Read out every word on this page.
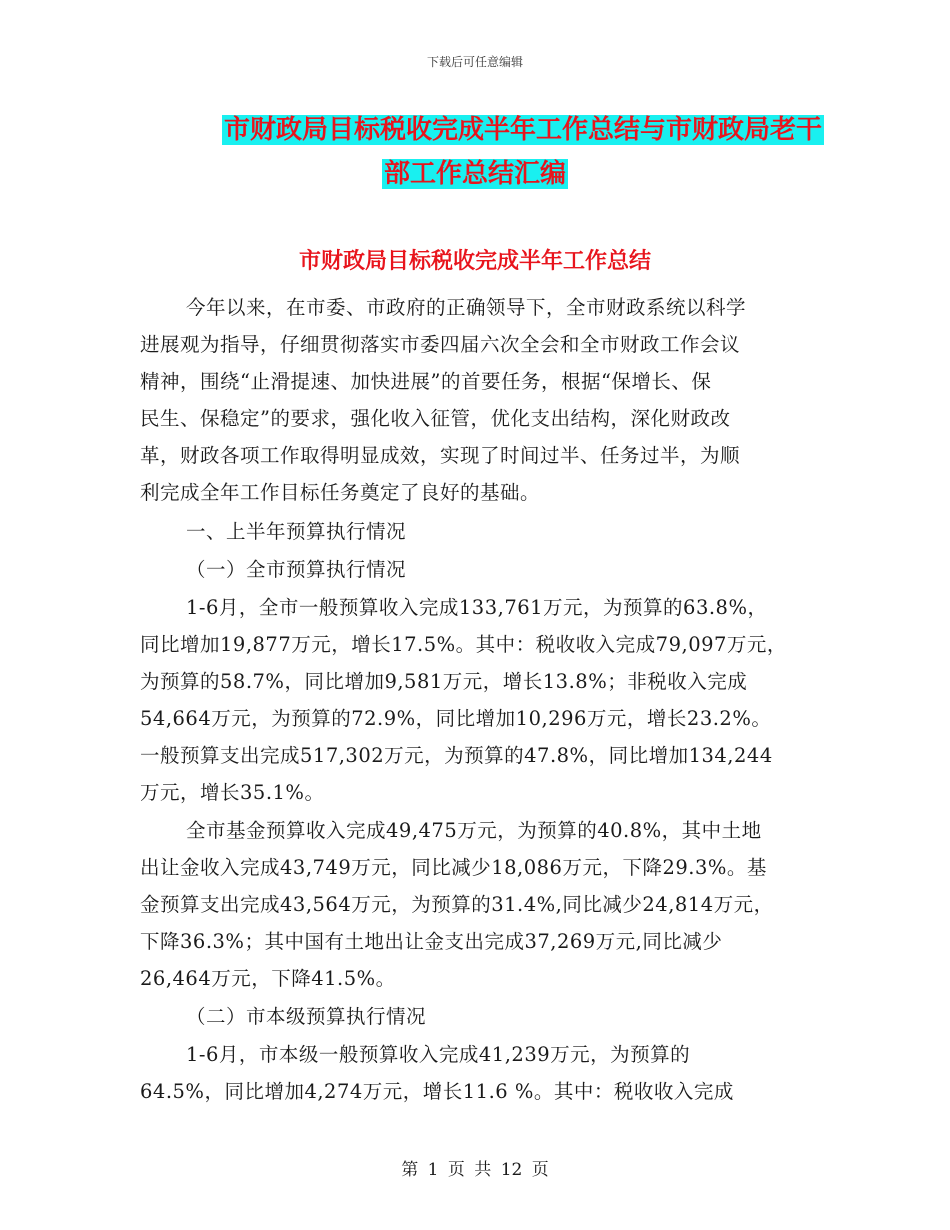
下载后可任意编辑
市财政局目标税收完成半年工作总结与市财政局老干
部工作总结汇编
市财政局目标税收完成半年工作总结
今年以来，在市委、市政府的正确领导下，全市财政系统以科学
进展观为指导，仔细贯彻落实市委四届六次全会和全市财政工作会议
精神，围绕“止滑提速、加快进展”的首要任务，根据“保增长、保
民生、保稳定”的要求，强化收入征管，优化支出结构，深化财政改
革，财政各项工作取得明显成效，实现了时间过半、任务过半，为顺
利完成全年工作目标任务奠定了良好的基础。
一、上半年预算执行情况
（一）全市预算执行情况
1-6月，全市一般预算收入完成133,761万元，为预算的63.8%，
同比增加19,877万元，增长17.5%。其中：税收收入完成79,097万元，
为预算的58.7%，同比增加9,581万元，增长13.8%；非税收入完成
54,664万元，为预算的72.9%，同比增加10,296万元，增长23.2%。
一般预算支出完成517,302万元，为预算的47.8%，同比增加134,244
万元，增长35.1%。
全市基金预算收入完成49,475万元，为预算的40.8%，其中土地
出让金收入完成43,749万元，同比减少18,086万元，下降29.3%。基
金预算支出完成43,564万元，为预算的31.4%,同比减少24,814万元，
下降36.3%；其中国有土地出让金支出完成37,269万元,同比减少
26,464万元，下降41.5%。
（二）市本级预算执行情况
1-6月，市本级一般预算收入完成41,239万元，为预算的
64.5%，同比增加4,274万元，增长11.6 %。其中：税收收入完成
第 1 页 共 12 页
